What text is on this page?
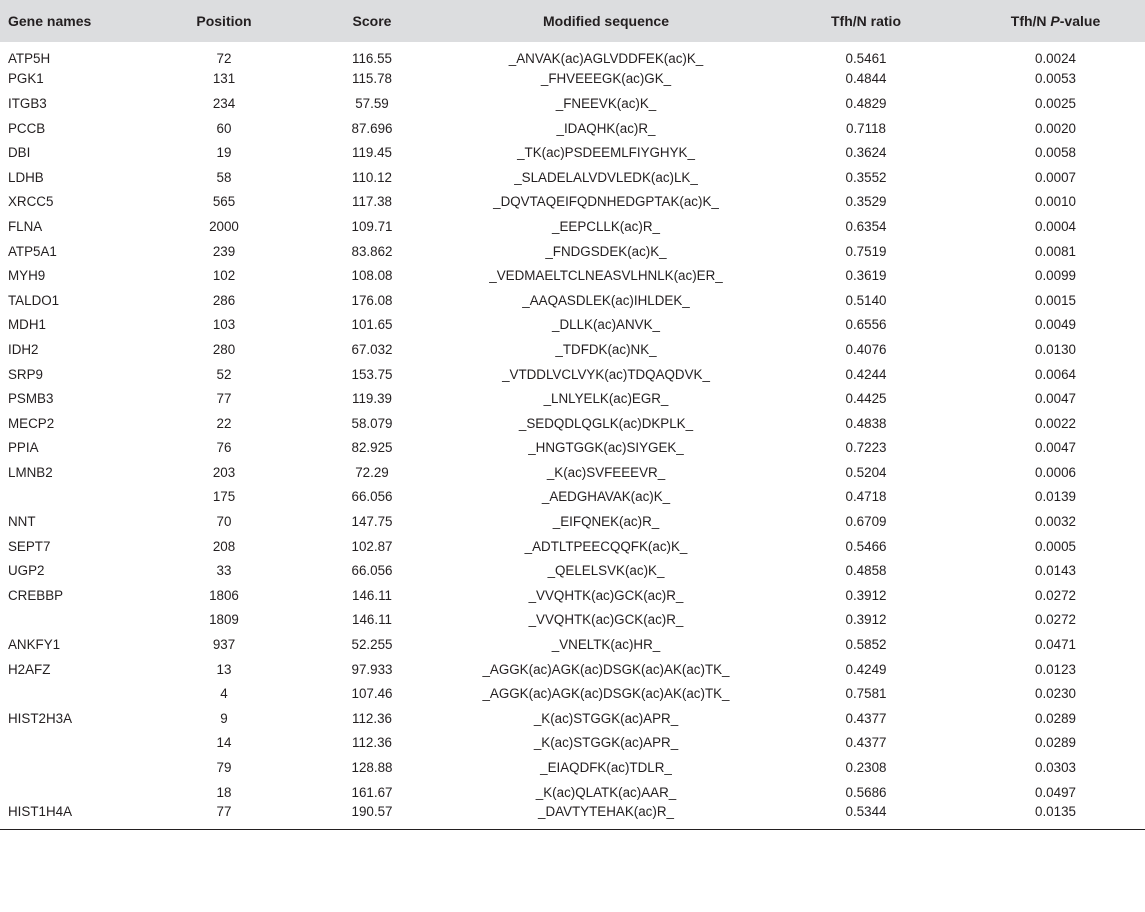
Gene names	Position	Score	Modified sequence	Tfh/N ratio	Tfh/N P-value
ATP5H	72	116.55	_ANVAK(ac)AGLVDDFEK(ac)K_	0.5461	0.0024
PGK1	131	115.78	_FHVEEEGK(ac)GK_	0.4844	0.0053
ITGB3	234	57.59	_FNEEVK(ac)K_	0.4829	0.0025
PCCB	60	87.696	_IDAQHK(ac)R_	0.7118	0.0020
DBI	19	119.45	_TK(ac)PSDEEMLFIYGHYK_	0.3624	0.0058
LDHB	58	110.12	_SLADELALVDVLEDK(ac)LK_	0.3552	0.0007
XRCC5	565	117.38	_DQVTAQEIFQDNHEDGPTAK(ac)K_	0.3529	0.0010
FLNA	2000	109.71	_EEPCLLK(ac)R_	0.6354	0.0004
ATP5A1	239	83.862	_FNDGSDEK(ac)K_	0.7519	0.0081
MYH9	102	108.08	_VEDMAELTCLNEASVLHNLK(ac)ER_	0.3619	0.0099
TALDO1	286	176.08	_AAQASDLEK(ac)IHLDEK_	0.5140	0.0015
MDH1	103	101.65	_DLLK(ac)ANVK_	0.6556	0.0049
IDH2	280	67.032	_TDFDK(ac)NK_	0.4076	0.0130
SRP9	52	153.75	_VTDDLVCLVYK(ac)TDQAQDVK_	0.4244	0.0064
PSMB3	77	119.39	_LNLYELK(ac)EGR_	0.4425	0.0047
MECP2	22	58.079	_SEDQDLQGLK(ac)DKPLK_	0.4838	0.0022
PPIA	76	82.925	_HNGTGGK(ac)SIYGEK_	0.7223	0.0047
LMNB2	203	72.29	_K(ac)SVFEEEVR_	0.5204	0.0006
	175	66.056	_AEDGHAVAK(ac)K_	0.4718	0.0139
NNT	70	147.75	_EIFQNEK(ac)R_	0.6709	0.0032
SEPT7	208	102.87	_ADTLTPEECQQFK(ac)K_	0.5466	0.0005
UGP2	33	66.056	_QELELSVK(ac)K_	0.4858	0.0143
CREBBP	1806	146.11	_VVQHTK(ac)GCK(ac)R_	0.3912	0.0272
	1809	146.11	_VVQHTK(ac)GCK(ac)R_	0.3912	0.0272
ANKFY1	937	52.255	_VNELTK(ac)HR_	0.5852	0.0471
H2AFZ	13	97.933	_AGGK(ac)AGK(ac)DSGK(ac)AK(ac)TK_	0.4249	0.0123
	4	107.46	_AGGK(ac)AGK(ac)DSGK(ac)AK(ac)TK_	0.7581	0.0230
HIST2H3A	9	112.36	_K(ac)STGGK(ac)APR_	0.4377	0.0289
	14	112.36	_K(ac)STGGK(ac)APR_	0.4377	0.0289
	79	128.88	_EIAQDFK(ac)TDLR_	0.2308	0.0303
	18	161.67	_K(ac)QLATK(ac)AAR_	0.5686	0.0497
HIST1H4A	77	190.57	_DAVTYTEHAK(ac)R_	0.5344	0.0135
